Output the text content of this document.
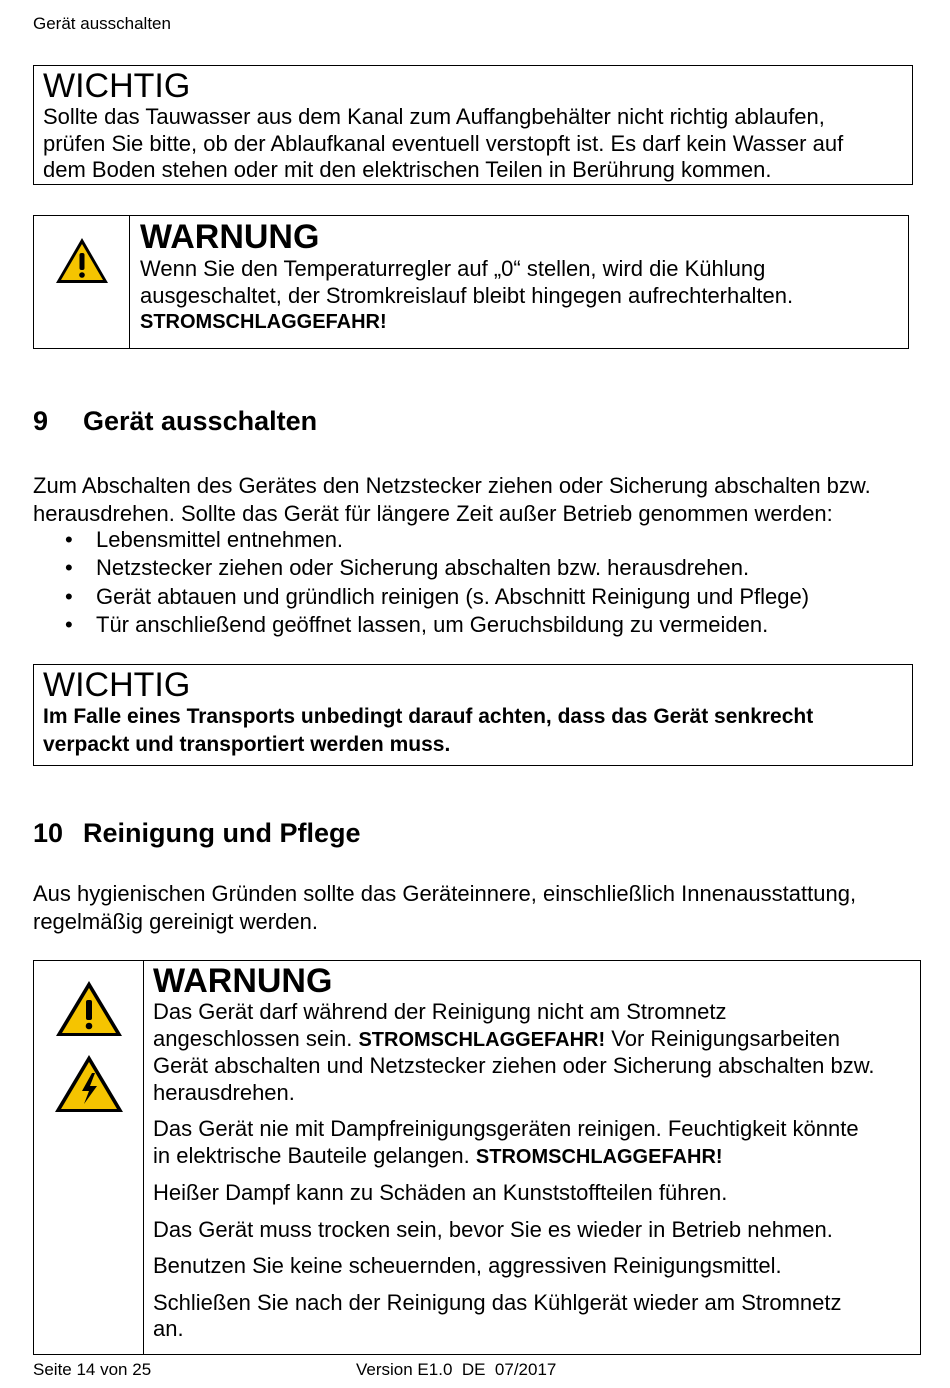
Gerät ausschalten
WICHTIG
Sollte das Tauwasser aus dem Kanal zum Auffangbehälter nicht richtig ablaufen,
prüfen Sie bitte, ob der Ablaufkanal eventuell verstopft ist. Es darf kein Wasser auf
dem Boden stehen oder mit den elektrischen Teilen in Berührung kommen.
WARNUNG
Wenn Sie den Temperaturregler auf „0“ stellen, wird die Kühlung
ausgeschaltet, der Stromkreislauf bleibt hingegen aufrechterhalten.
STROMSCHLAGGEFAHR!
9 Gerät ausschalten
Zum Abschalten des Gerätes den Netzstecker ziehen oder Sicherung abschalten bzw.
herausdrehen. Sollte das Gerät für längere Zeit außer Betrieb genommen werden:
• Lebensmittel entnehmen.
• Netzstecker ziehen oder Sicherung abschalten bzw. herausdrehen.
• Gerät abtauen und gründlich reinigen (s. Abschnitt Reinigung und Pflege)
• Tür anschließend geöffnet lassen, um Geruchsbildung zu vermeiden.
WICHTIG
Im Falle eines Transports unbedingt darauf achten, dass das Gerät senkrecht
verpackt und transportiert werden muss.
10 Reinigung und Pflege
Aus hygienischen Gründen sollte das Geräteinnere, einschließlich Innenausstattung,
regelmäßig gereinigt werden.
WARNUNG
Das Gerät darf während der Reinigung nicht am Stromnetz
angeschlossen sein. STROMSCHLAGGEFAHR! Vor Reinigungsarbeiten
Gerät abschalten und Netzstecker ziehen oder Sicherung abschalten bzw.
herausdrehen.
Das Gerät nie mit Dampfreinigungsgeräten reinigen. Feuchtigkeit könnte
in elektrische Bauteile gelangen. STROMSCHLAGGEFAHR!
Heißer Dampf kann zu Schäden an Kunststoffteilen führen.
Das Gerät muss trocken sein, bevor Sie es wieder in Betrieb nehmen.
Benutzen Sie keine scheuernden, aggressiven Reinigungsmittel.
Schließen Sie nach der Reinigung das Kühlgerät wieder am Stromnetz
an.
Seite 14 von 25	Version E1.0  DE  07/2017
